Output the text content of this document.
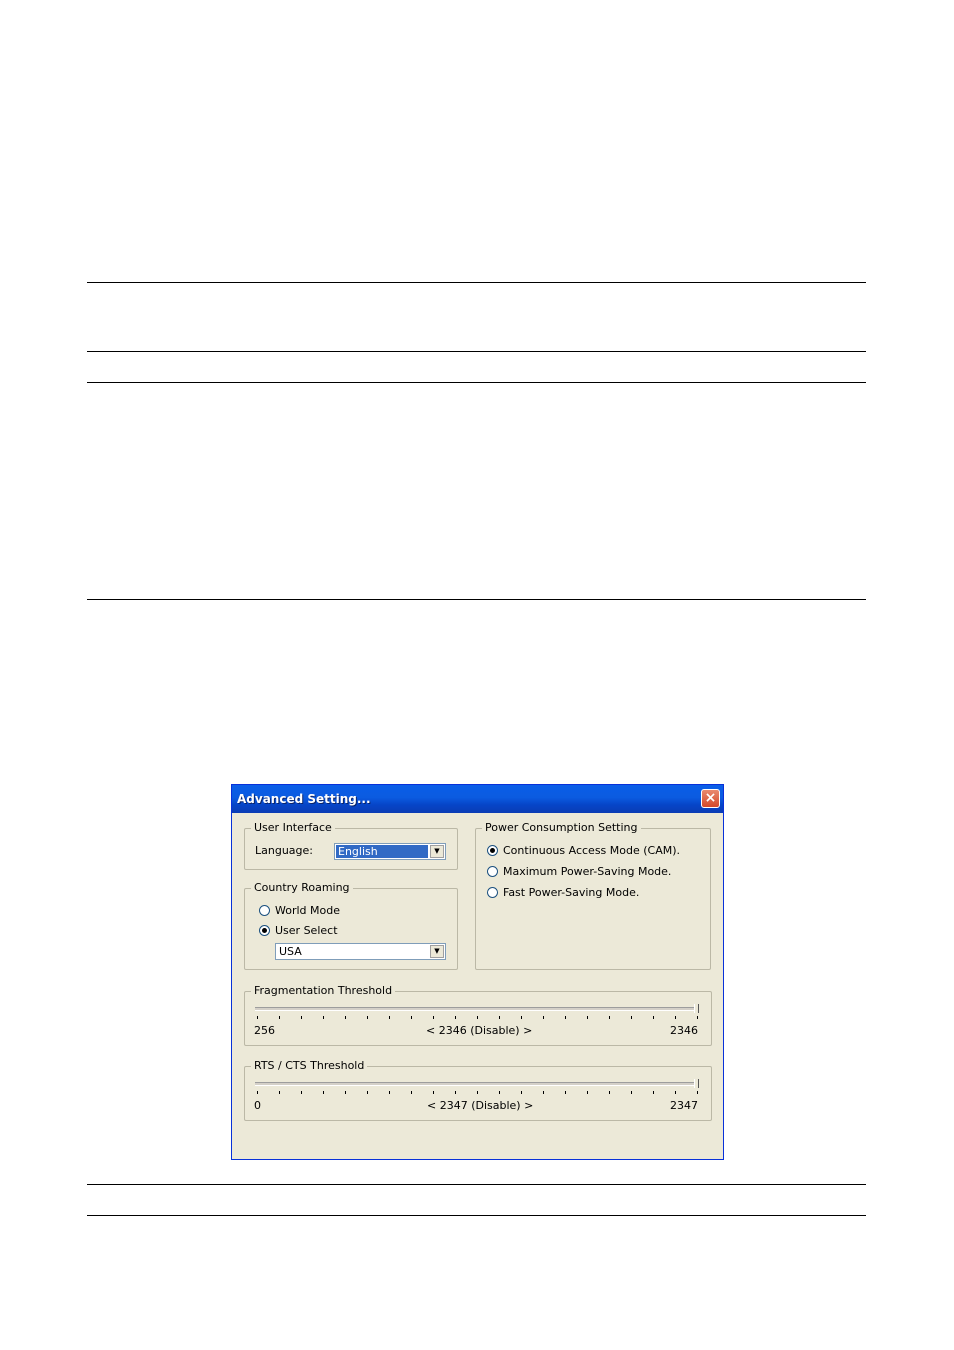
Advanced Setting...	×
User Interface
Language: English	▼
Country Roaming
World Mode
User Select
USA	▼
Power Consumption Setting
Continuous Access Mode (CAM).
Maximum Power-Saving Mode.
Fast Power-Saving Mode.
Fragmentation Threshold
256	< 2346 (Disable) >	2346
RTS / CTS Threshold
0	< 2347 (Disable) >	2347
